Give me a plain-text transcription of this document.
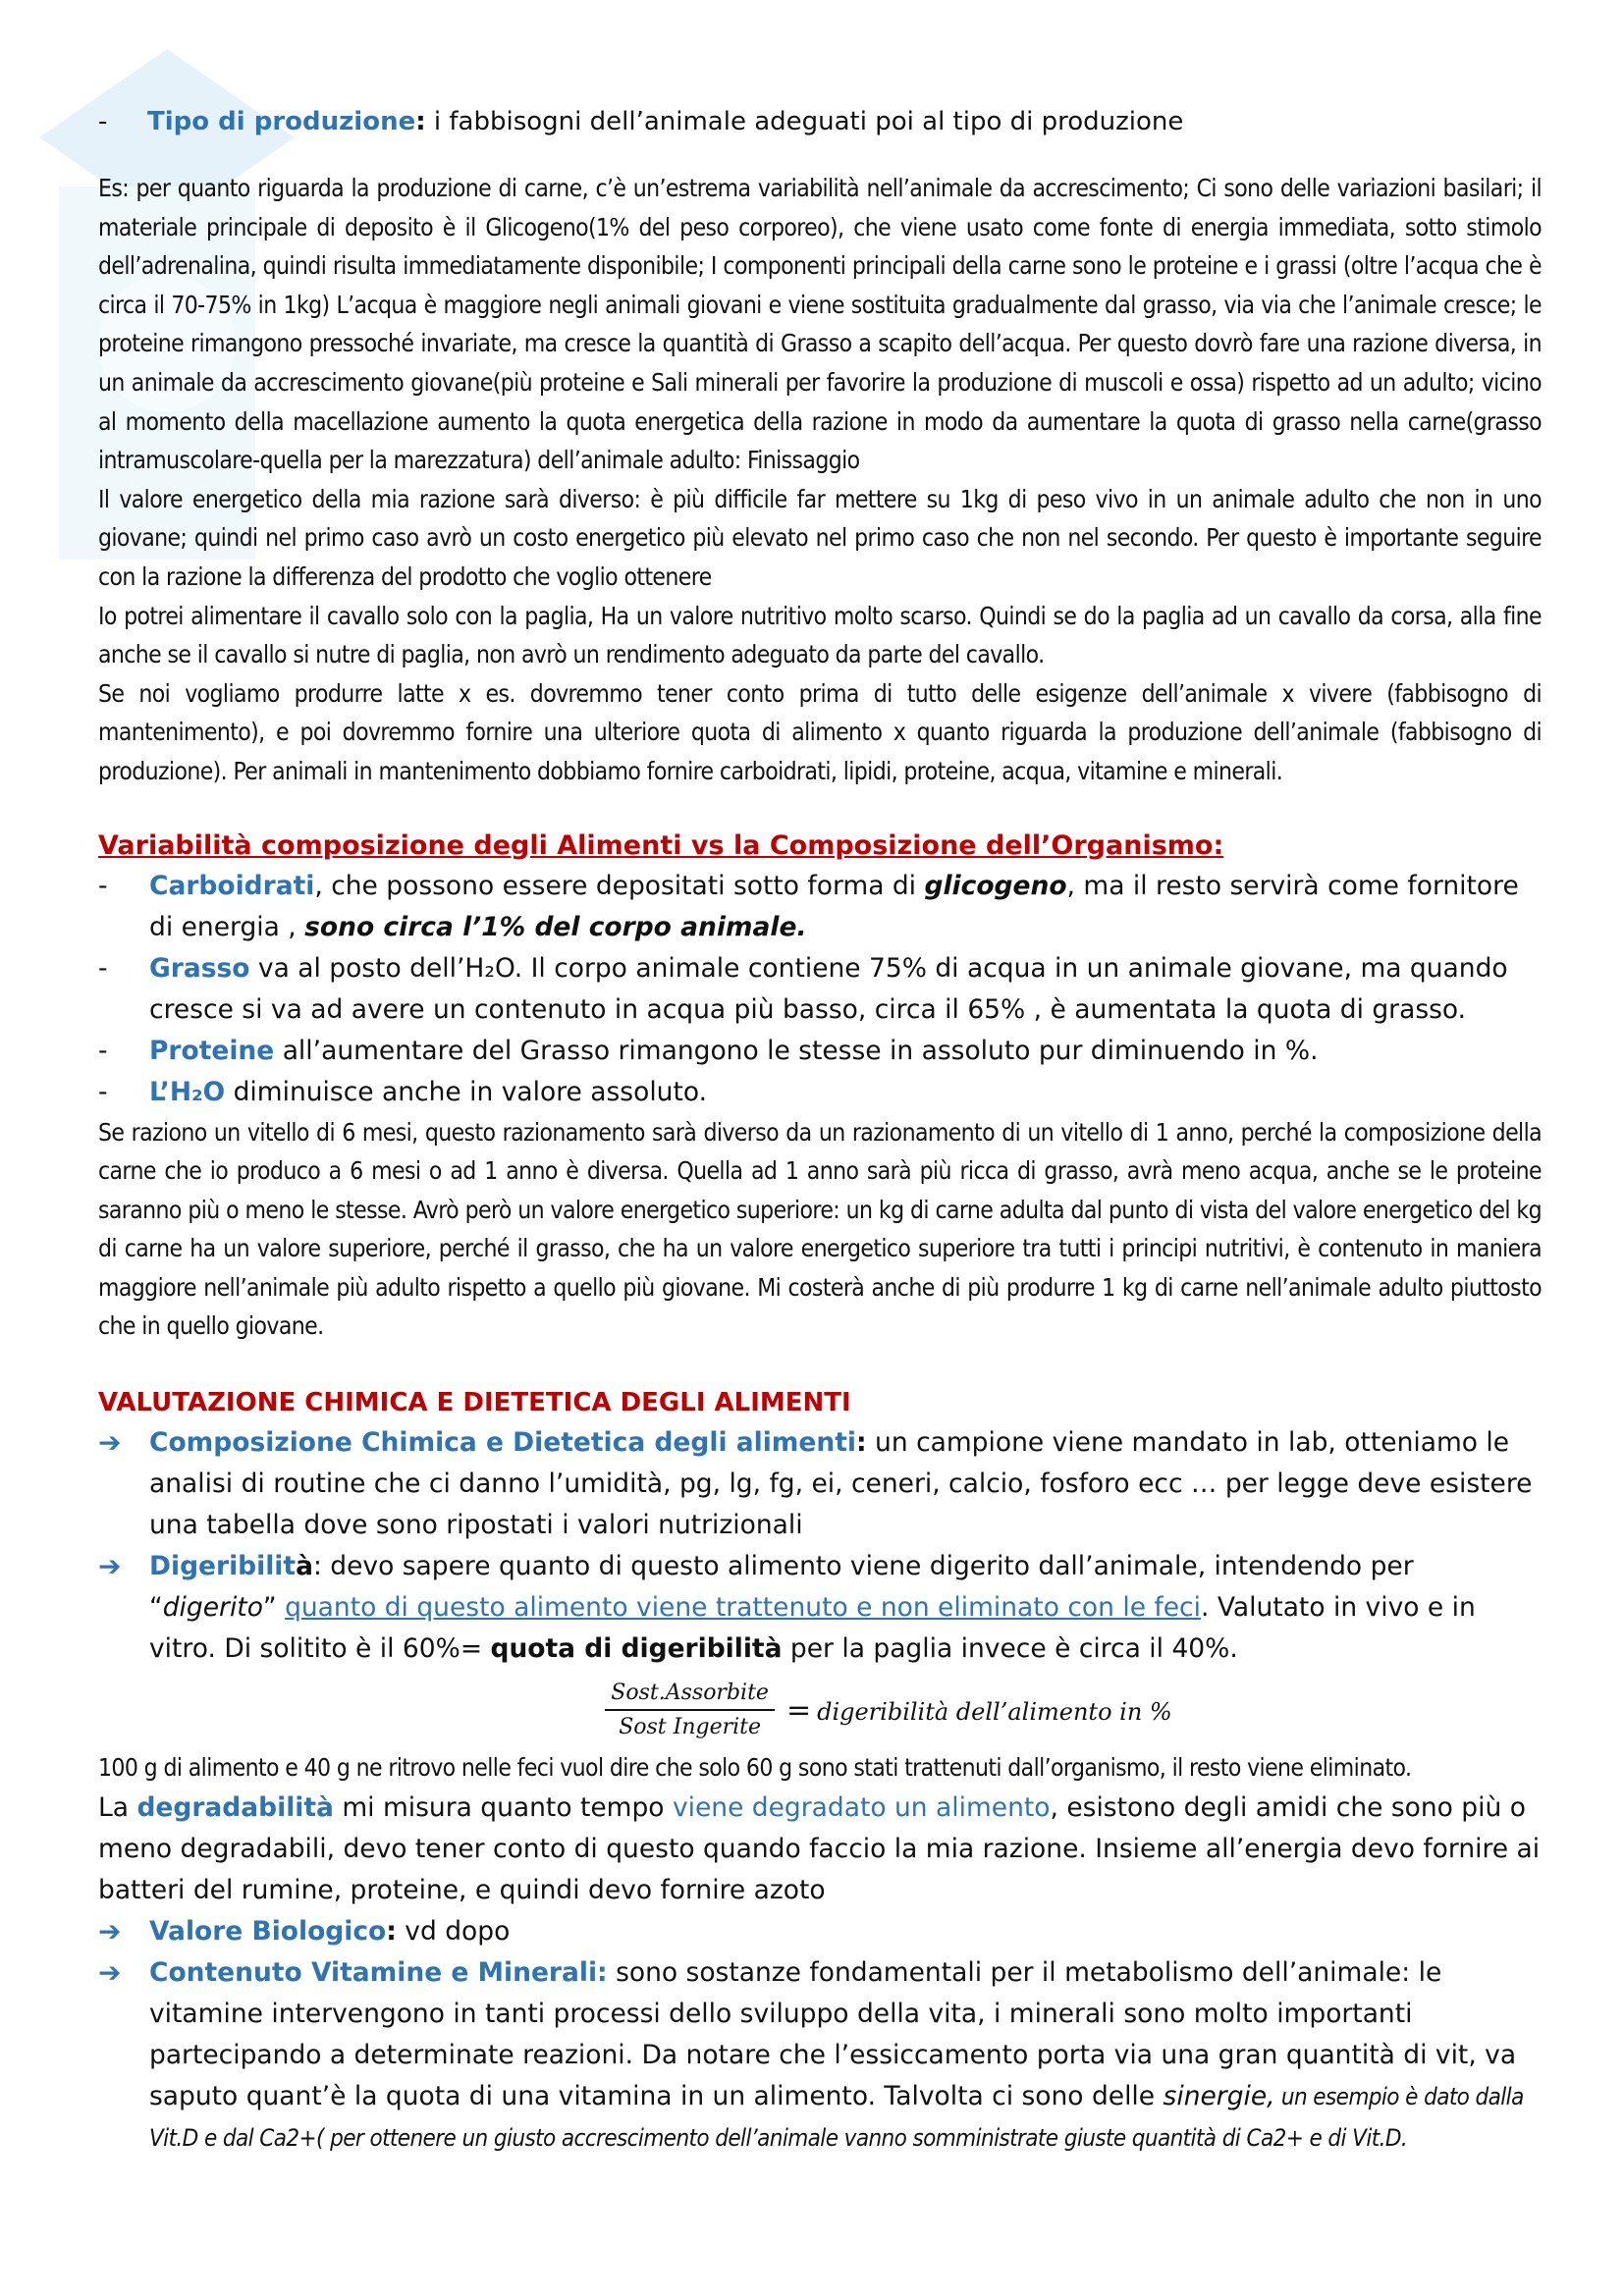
- Tipo di produzione: i fabbisogni dell’animale adeguati poi al tipo di produzione

Es: per quanto riguarda la produzione di carne, c’è un’estrema variabilità nell’animale da accrescimento; Ci sono delle variazioni basilari; il materiale principale di deposito è il Glicogeno(1% del peso corporeo), che viene usato come fonte di energia immediata, sotto stimolo dell’adrenalina, quindi risulta immediatamente disponibile; I componenti principali della carne sono le proteine e i grassi (oltre l’acqua che è circa il 70-75% in 1kg) L’acqua è maggiore negli animali giovani e viene sostituita gradualmente dal grasso, via via che l’animale cresce; le proteine rimangono pressoché invariate, ma cresce la quantità di Grasso a scapito dell’acqua. Per questo dovrò fare una razione diversa, in un animale da accrescimento giovane(più proteine e Sali minerali per favorire la produzione di muscoli e ossa) rispetto ad un adulto; vicino al momento della macellazione aumento la quota energetica della razione in modo da aumentare la quota di grasso nella carne(grasso intramuscolare-quella per la marezzatura) dell’animale adulto: Finissaggio

Il valore energetico della mia razione sarà diverso: è più difficile far mettere su 1kg di peso vivo in un animale adulto che non in uno giovane; quindi nel primo caso avrò un costo energetico più elevato nel primo caso che non nel secondo. Per questo è importante seguire con la razione la differenza del prodotto che voglio ottenere

Io potrei alimentare il cavallo solo con la paglia, Ha un valore nutritivo molto scarso. Quindi se do la paglia ad un cavallo da corsa, alla fine anche se il cavallo si nutre di paglia, non avrò un rendimento adeguato da parte del cavallo.

Se noi vogliamo produrre latte x es. dovremmo tener conto prima di tutto delle esigenze dell’animale x vivere (fabbisogno di mantenimento), e poi dovremmo fornire una ulteriore quota di alimento x quanto riguarda la produzione dell’animale (fabbisogno di produzione). Per animali in mantenimento dobbiamo fornire carboidrati, lipidi, proteine, acqua, vitamine e minerali.

Variabilità composizione degli Alimenti vs la Composizione dell’Organismo:
-	Carboidrati, che possono essere depositati sotto forma di glicogeno, ma il resto servirà come fornitore di energia , sono circa l’1% del corpo animale.
-	Grasso va al posto dell’H₂O. Il corpo animale contiene 75% di acqua in un animale giovane, ma quando cresce si va ad avere un contenuto in acqua più basso, circa il 65% , è aumentata la quota di grasso.
-	Proteine all’aumentare del Grasso rimangono le stesse in assoluto pur diminuendo in %.
-	L’H₂O diminuisce anche in valore assoluto.

Se raziono un vitello di 6 mesi, questo razionamento sarà diverso da un razionamento di un vitello di 1 anno, perché la composizione della carne che io produco a 6 mesi o ad 1 anno è diversa. Quella ad 1 anno sarà più ricca di grasso, avrà meno acqua, anche se le proteine saranno più o meno le stesse. Avrò però un valore energetico superiore: un kg di carne adulta dal punto di vista del valore energetico del kg di carne ha un valore superiore, perché il grasso, che ha un valore energetico superiore tra tutti i principi nutritivi, è contenuto in maniera maggiore nell’animale più adulto rispetto a quello più giovane. Mi costerà anche di più produrre 1 kg di carne nell’animale adulto piuttosto che in quello giovane.

VALUTAZIONE CHIMICA E DIETETICA DEGLI ALIMENTI
➔	Composizione Chimica e Dietetica degli alimenti: un campione viene mandato in lab, otteniamo le analisi di routine che ci danno l’umidità, pg, lg, fg, ei, ceneri, calcio, fosforo ecc … per legge deve esistere una tabella dove sono ripostati i valori nutrizionali
➔	Digeribilità: devo sapere quanto di questo alimento viene digerito dall’animale, intendendo per “digerito” quanto di questo alimento viene trattenuto e non eliminato con le feci. Valutato in vivo e in vitro. Di solitito è il 60%= quota di digeribilità per la paglia invece è circa il 40%.
$\frac{\text{Sost.Assorbite}}{\text{Sost Ingerite}}$ = digeribilità dell’alimento in %

100 g di alimento e 40 g ne ritrovo nelle feci vuol dire che solo 60 g sono stati trattenuti dall’organismo, il resto viene eliminato.

La degradabilità mi misura quanto tempo viene degradato un alimento, esistono degli amidi che sono più o meno degradabili, devo tener conto di questo quando faccio la mia razione. Insieme all’energia devo fornire ai batteri del rumine, proteine, e quindi devo fornire azoto

➔	Valore Biologico: vd dopo
➔	Contenuto Vitamine e Minerali: sono sostanze fondamentali per il metabolismo dell’animale: le vitamine intervengono in tanti processi dello sviluppo della vita, i minerali sono molto importanti partecipando a determinate reazioni. Da notare che l’essiccamento porta via una gran quantità di vit, va saputo quant’è la quota di una vitamina in un alimento. Talvolta ci sono delle sinergie, un esempio è dato dalla Vit.D e dal Ca2+( per ottenere un giusto accrescimento dell’animale vanno somministrate giuste quantità di Ca2+ e di Vit.D.
